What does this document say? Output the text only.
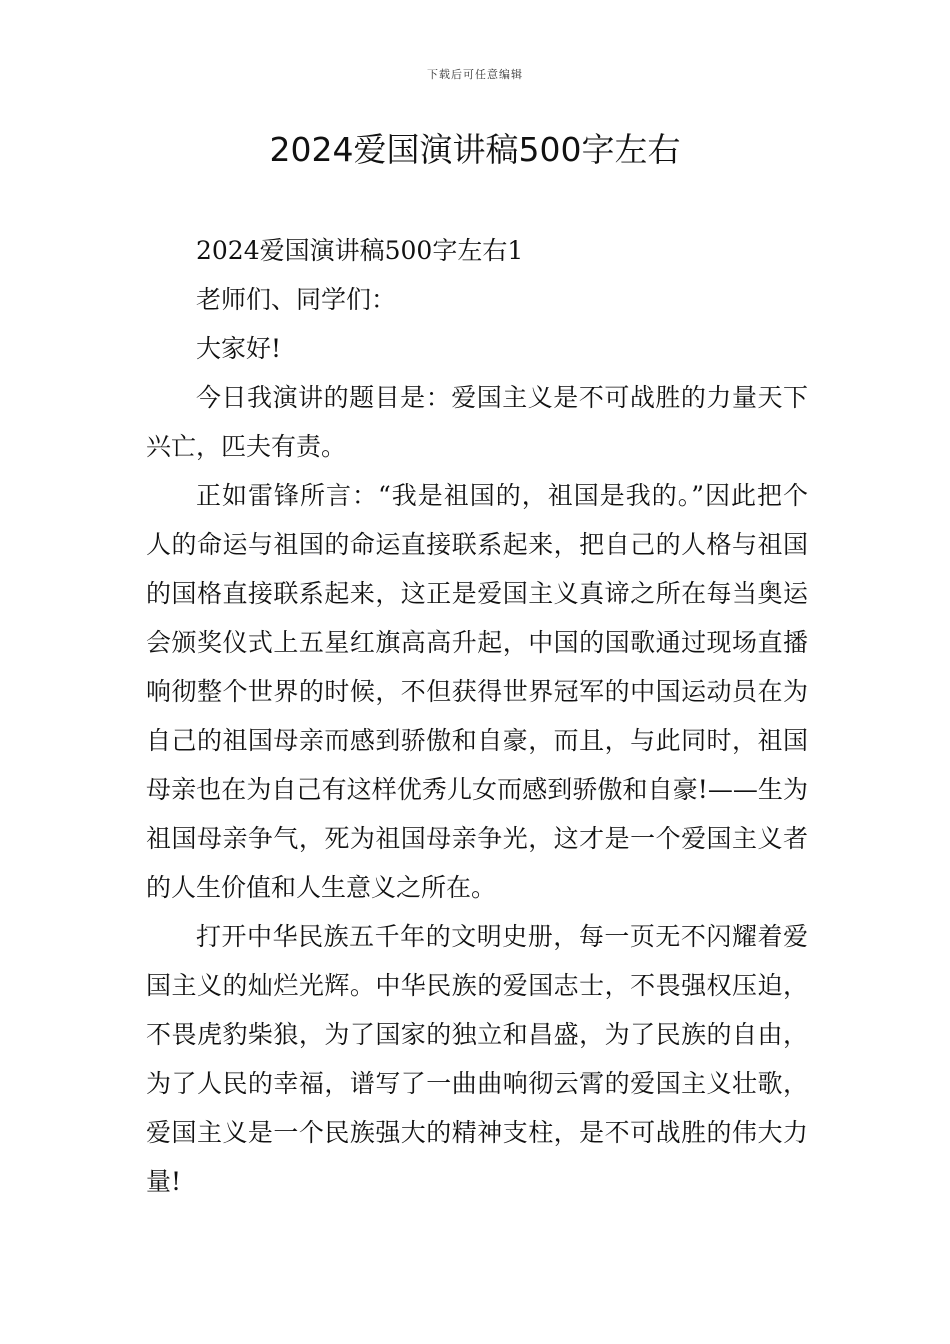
下载后可任意编辑
2024爱国演讲稿500字左右

2024爱国演讲稿500字左右1

老师们、同学们：

大家好!

今日我演讲的题目是：爱国主义是不可战胜的力量天下兴亡，匹夫有责。

正如雷锋所言：“我是祖国的，祖国是我的。”因此把个人的命运与祖国的命运直接联系起来，把自己的人格与祖国的国格直接联系起来，这正是爱国主义真谛之所在每当奥运会颁奖仪式上五星红旗高高升起，中国的国歌通过现场直播响彻整个世界的时候，不但获得世界冠军的中国运动员在为自己的祖国母亲而感到骄傲和自豪，而且，与此同时，祖国母亲也在为自己有这样优秀儿女而感到骄傲和自豪!——生为祖国母亲争气，死为祖国母亲争光，这才是一个爱国主义者的人生价值和人生意义之所在。

打开中华民族五千年的文明史册，每一页无不闪耀着爱国主义的灿烂光辉。中华民族的爱国志士，不畏强权压迫，不畏虎豹柴狼，为了国家的独立和昌盛，为了民族的自由，为了人民的幸福，谱写了一曲曲响彻云霄的爱国主义壮歌，爱国主义是一个民族强大的精神支柱，是不可战胜的伟大力量!
